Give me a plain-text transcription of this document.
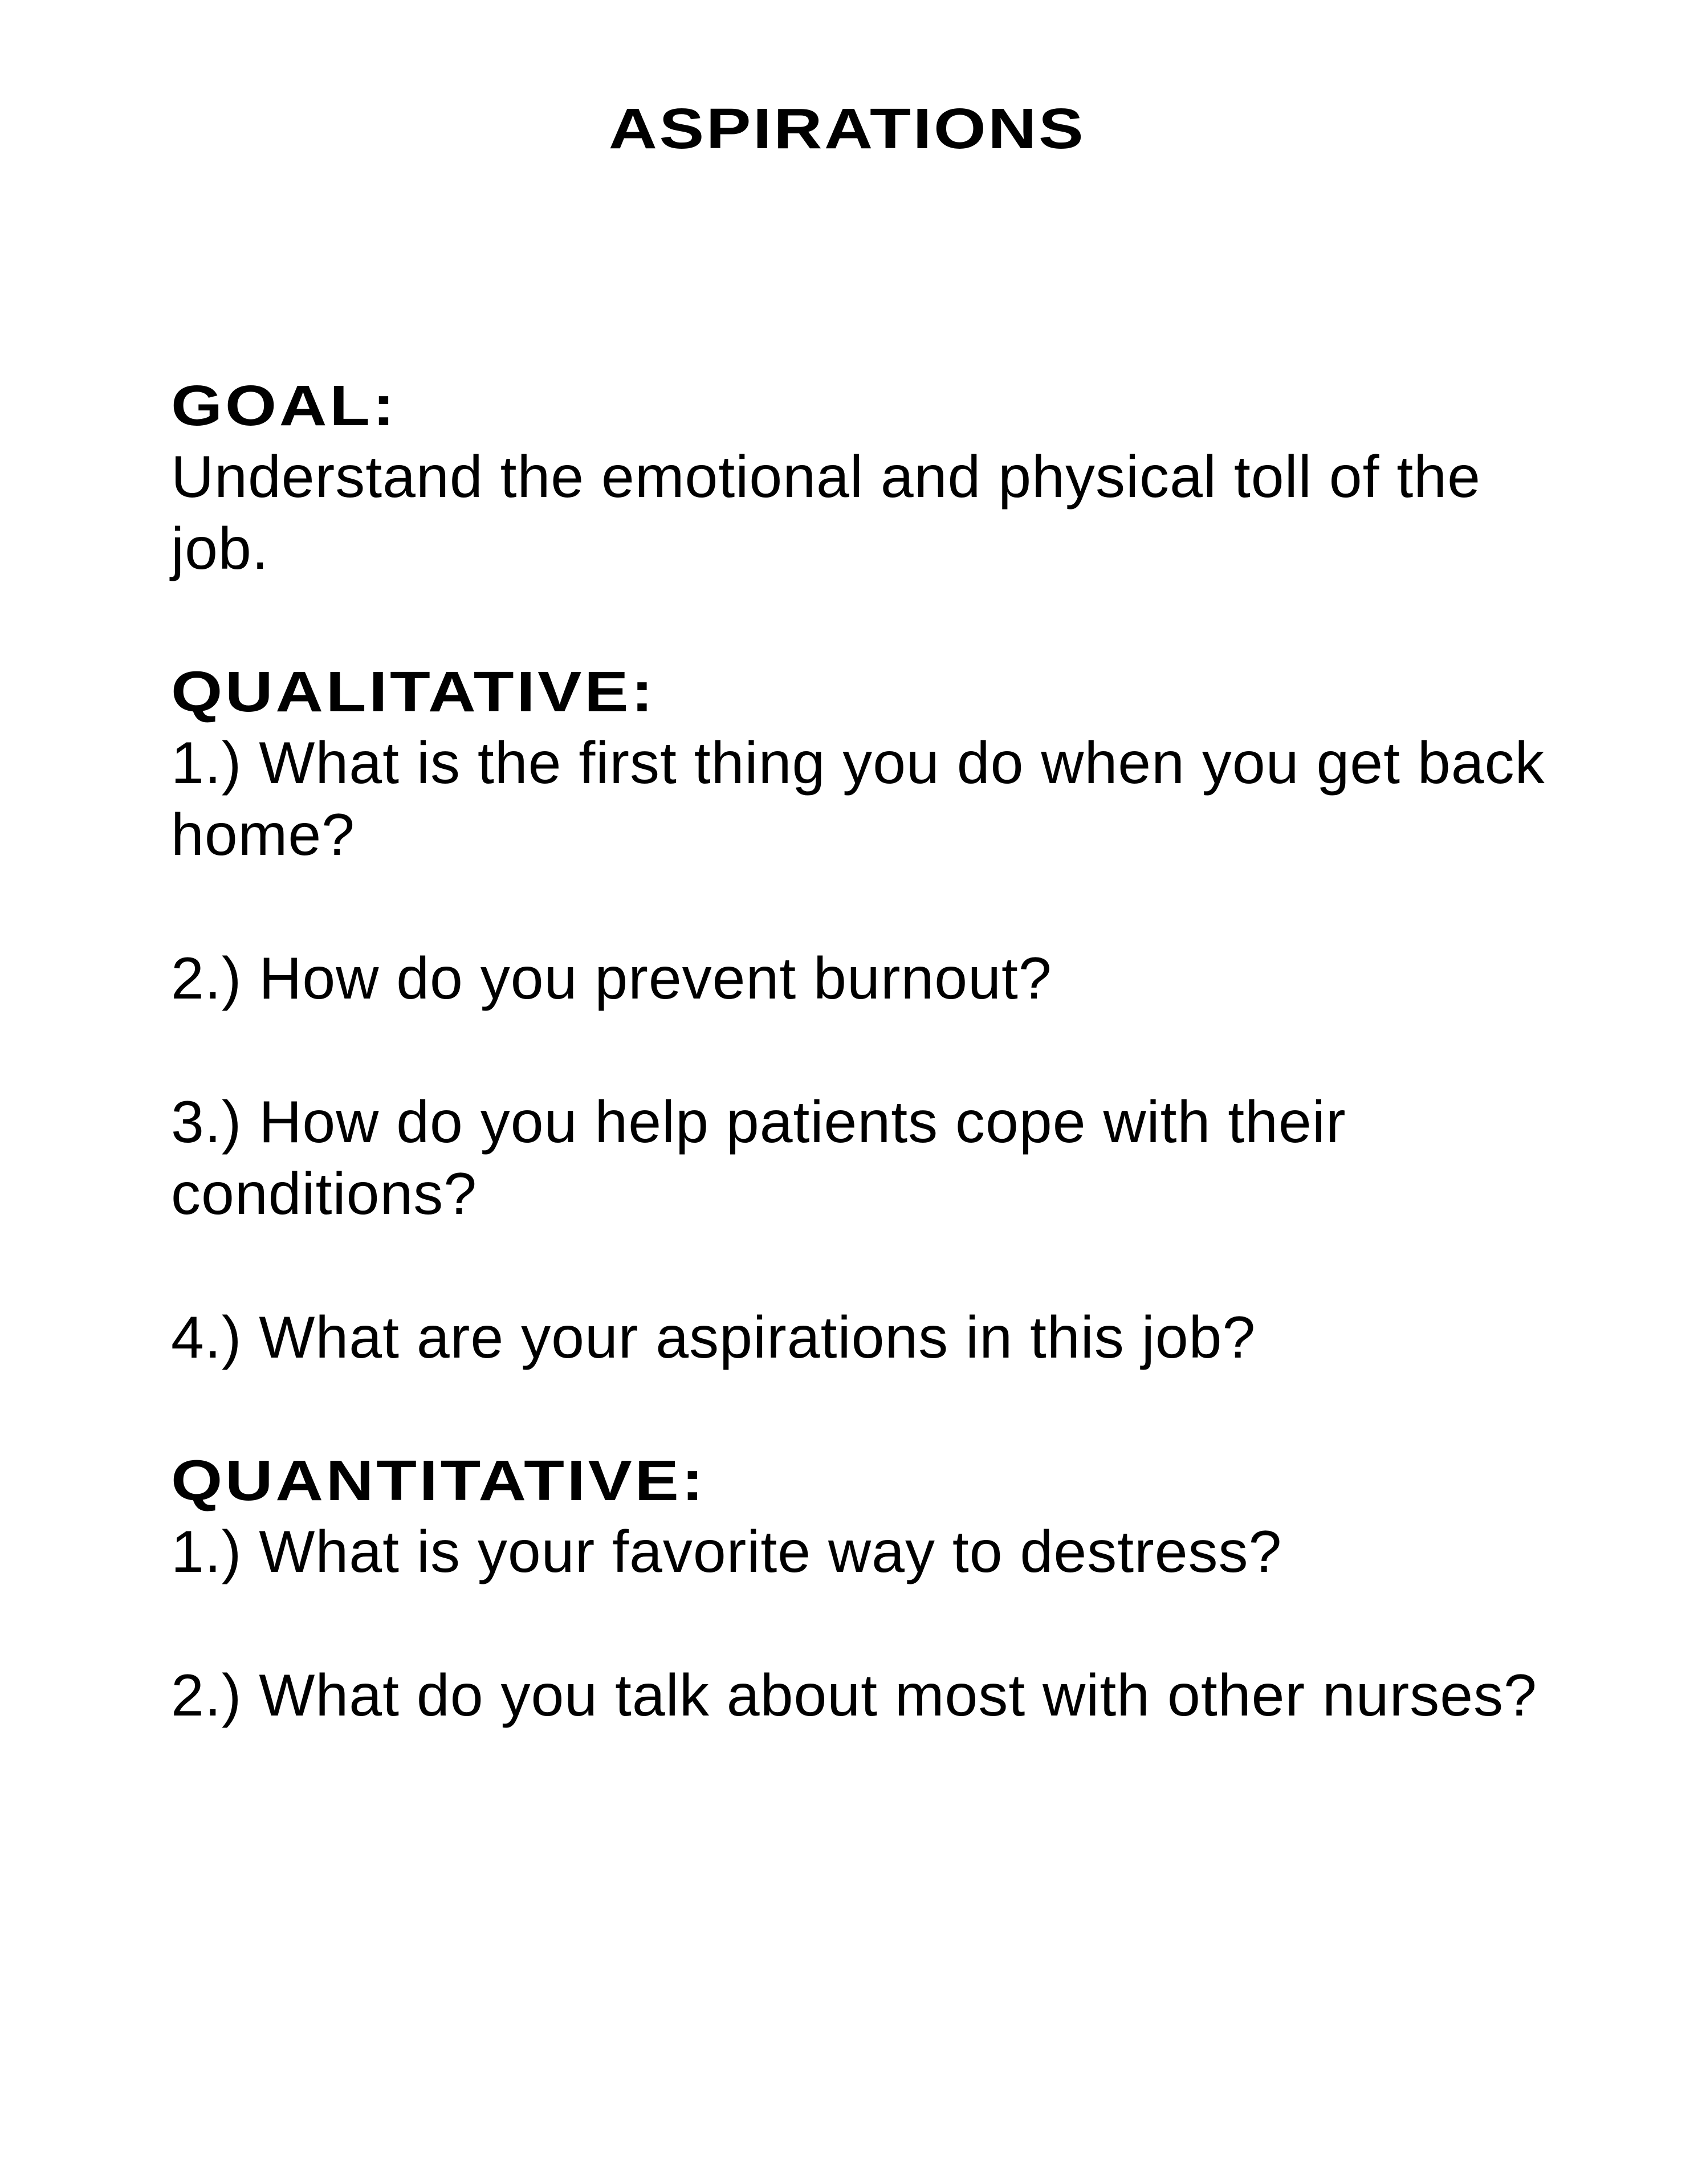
ASPIRATIONS
GOAL:
Understand the emotional and physical toll of the job.
QUALITATIVE:
1.) What is the first thing you do when you get back home?
2.) How do you prevent burnout?
3.) How do you help patients cope with their conditions?
4.) What are your aspirations in this job?
QUANTITATIVE:
1.) What is your favorite way to destress?
2.) What do you talk about most with other nurses?
